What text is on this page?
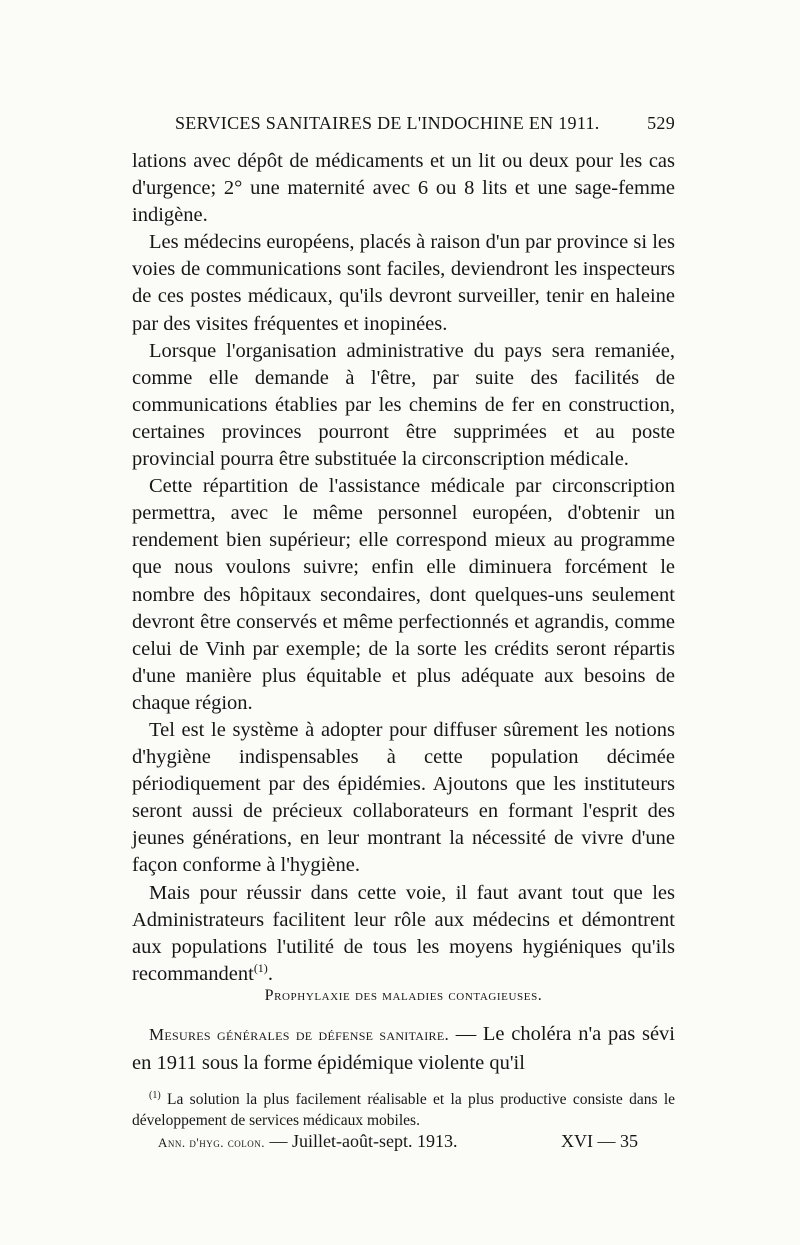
SERVICES SANITAIRES DE L'INDOCHINE EN 1911.	529

lations avec dépôt de médicaments et un lit ou deux pour les cas d'urgence; 2° une maternité avec 6 ou 8 lits et une sage-femme indigène.

Les médecins européens, placés à raison d'un par province si les voies de communications sont faciles, deviendront les inspecteurs de ces postes médicaux, qu'ils devront surveiller, tenir en haleine par des visites fréquentes et inopinées.

Lorsque l'organisation administrative du pays sera remaniée, comme elle demande à l'être, par suite des facilités de communications établies par les chemins de fer en construction, certaines provinces pourront être supprimées et au poste provincial pourra être substituée la circonscription médicale.

Cette répartition de l'assistance médicale par circonscription permettra, avec le même personnel européen, d'obtenir un rendement bien supérieur; elle correspond mieux au programme que nous voulons suivre; enfin elle diminuera forcément le nombre des hôpitaux secondaires, dont quelques-uns seulement devront être conservés et même perfectionnés et agrandis, comme celui de Vinh par exemple; de la sorte les crédits seront répartis d'une manière plus équitable et plus adéquate aux besoins de chaque région.

Tel est le système à adopter pour diffuser sûrement les notions d'hygiène indispensables à cette population décimée périodiquement par des épidémies. Ajoutons que les instituteurs seront aussi de précieux collaborateurs en formant l'esprit des jeunes générations, en leur montrant la nécessité de vivre d'une façon conforme à l'hygiène.

Mais pour réussir dans cette voie, il faut avant tout que les Administrateurs facilitent leur rôle aux médecins et démontrent aux populations l'utilité de tous les moyens hygiéniques qu'ils recommandent$^{(1)}$.

Prophylaxie des maladies contagieuses.

Mesures générales de défense sanitaire. — Le choléra n'a pas sévi en 1911 sous la forme épidémique violente qu'il

$^{(1)}$ La solution la plus facilement réalisable et la plus productive consiste dans le développement de services médicaux mobiles.

Ann. d'hyg. colon. — Juillet-août-sept. 1913.	XVI — 35
